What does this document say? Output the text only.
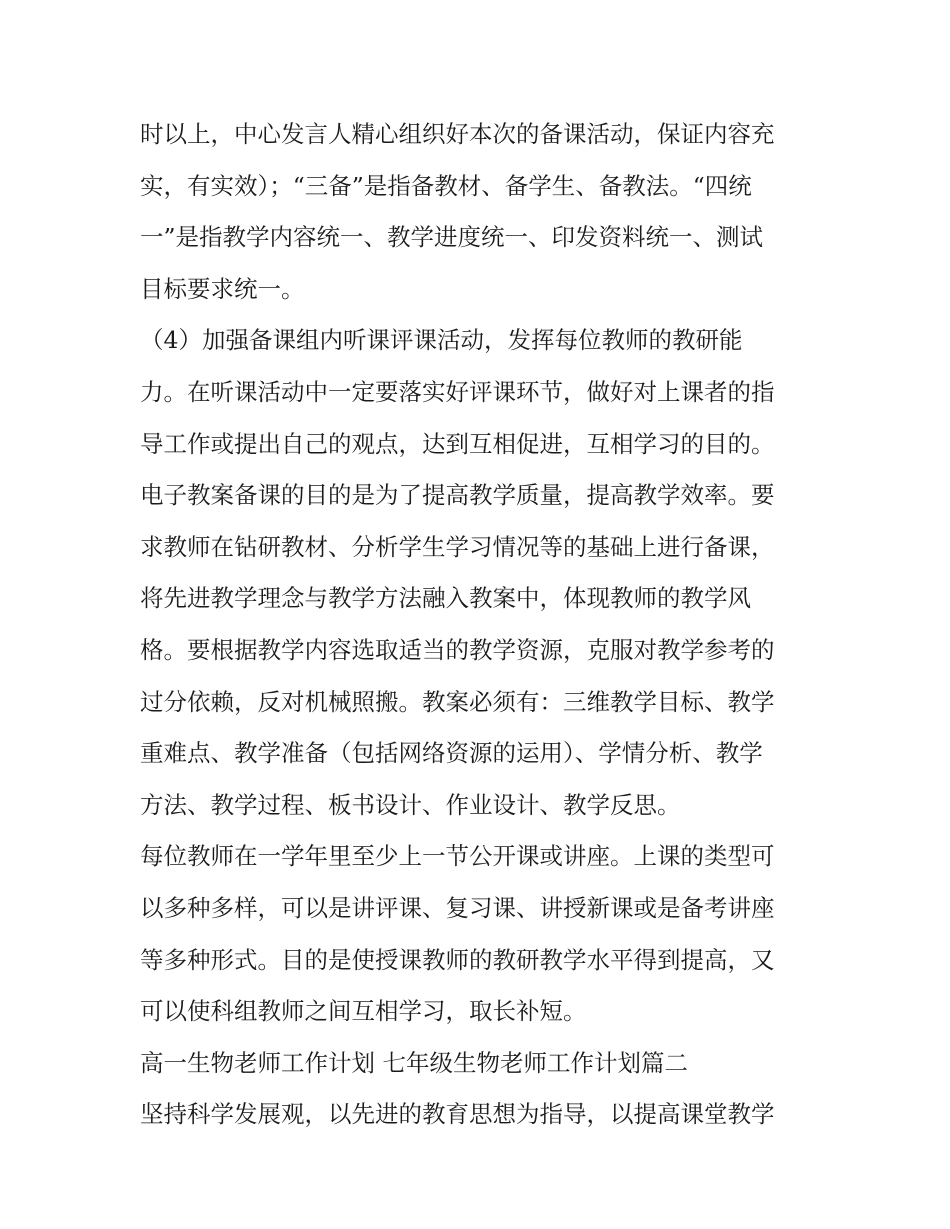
时以上，中心发言人精心组织好本次的备课活动，保证内容充
实，有实效）；“三备”是指备教材、备学生、备教法。“四统
一”是指教学内容统一、教学进度统一、印发资料统一、测试
目标要求统一。
（4）加强备课组内听课评课活动，发挥每位教师的教研能
力。在听课活动中一定要落实好评课环节，做好对上课者的指
导工作或提出自己的观点，达到互相促进，互相学习的目的。
电子教案备课的目的是为了提高教学质量，提高教学效率。要
求教师在钻研教材、分析学生学习情况等的基础上进行备课，
将先进教学理念与教学方法融入教案中，体现教师的教学风
格。要根据教学内容选取适当的教学资源，克服对教学参考的
过分依赖，反对机械照搬。教案必须有：三维教学目标、教学
重难点、教学准备（包括网络资源的运用）、学情分析、教学
方法、教学过程、板书设计、作业设计、教学反思。
每位教师在一学年里至少上一节公开课或讲座。上课的类型可
以多种多样，可以是讲评课、复习课、讲授新课或是备考讲座
等多种形式。目的是使授课教师的教研教学水平得到提高，又
可以使科组教师之间互相学习，取长补短。
高一生物老师工作计划 七年级生物老师工作计划篇二
坚持科学发展观，以先进的教育思想为指导，以提高课堂教学
